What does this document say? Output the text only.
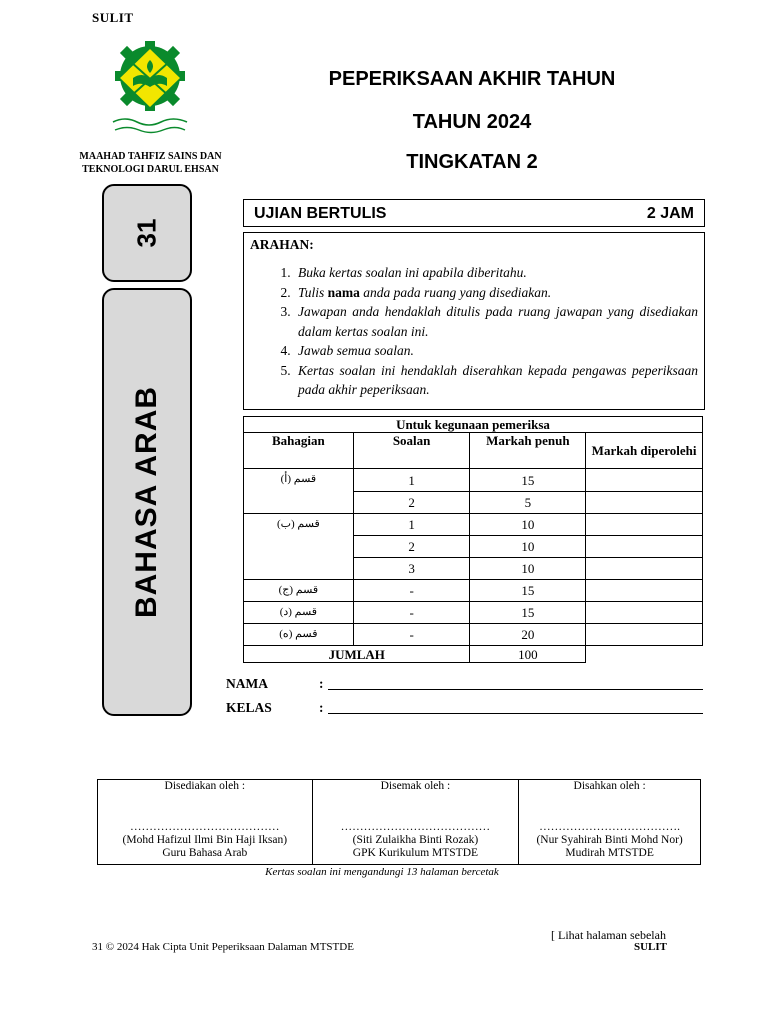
SULIT
MAAHAD TAHFIZ SAINS DAN
TEKNOLOGI DARUL EHSAN
PEPERIKSAAN AKHIR TAHUN
TAHUN 2024
TINGKATAN 2
31
BAHASA ARAB
UJIAN BERTULIS	2 JAM
ARAHAN:
1. Buka kertas soalan ini apabila diberitahu.
2. Tulis nama anda pada ruang yang disediakan.
3. Jawapan anda hendaklah ditulis pada ruang jawapan yang disediakan dalam kertas soalan ini.
4. Jawab semua soalan.
5. Kertas soalan ini hendaklah diserahkan kepada pengawas peperiksaan pada akhir peperiksaan.
Untuk kegunaan pemeriksa			
Bahagian	Soalan	Markah penuh	Markah diperolehi
قسم (أ)	1	15	
	2	5	
قسم (ب)	1	10	
	2	10	
	3	10	
قسم (ج)	-	15	
قسم (د)	-	15	
قسم (ه)	-	20	
JUMLAH		100	
NAMA	:
KELAS	:
Disediakan oleh :
…………………………………
(Mohd Hafizul Ilmi Bin Haji Iksan)
Guru Bahasa Arab

Disemak oleh :
…………………………………
(Siti Zulaikha Binti Rozak)
GPK Kurikulum MTSTDE

Disahkan oleh :
……………………………….
(Nur Syahirah Binti Mohd Nor)
Mudirah MTSTDE
Kertas soalan ini mengandungi 13 halaman bercetak
[ Lihat halaman sebelah
31 © 2024 Hak Cipta Unit Peperiksaan Dalaman MTSTDE	SULIT
